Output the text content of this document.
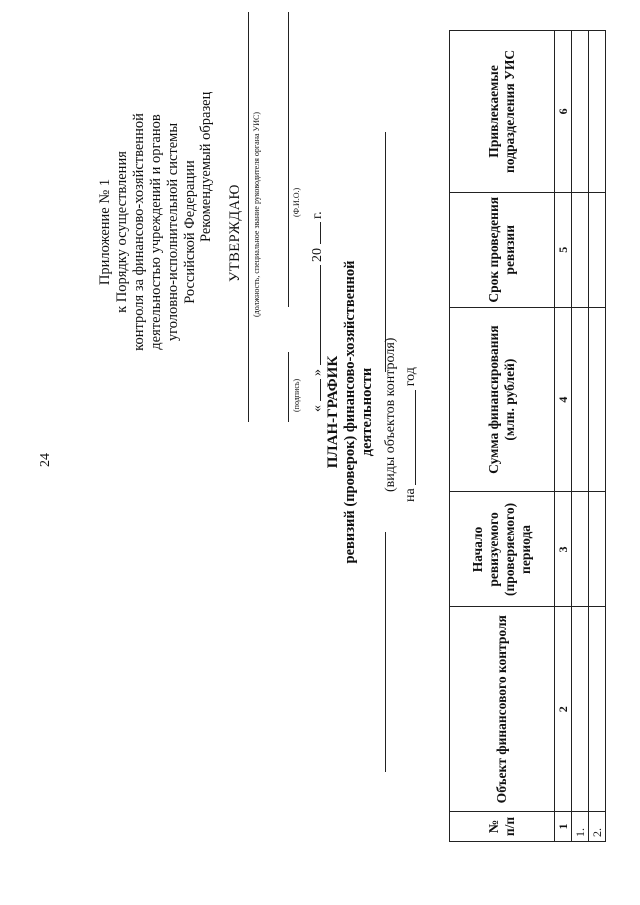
24
Приложение № 1 к Порядку осуществления контроля за финансово-хозяйственной деятельностью учреждений и органов уголовно-исполнительной системы Российской Федерации Рекомендуемый образец УТВЕРЖДАЮ (должность, специальное звание руководителя органа УИС)
(подпись)
(Ф.И.О.)
«  »  20  г.
ПЛАН-ГРАФИК ревизий (проверок) финансово-хозяйственной деятельности (виды объектов контроля)
на  год
№ п/п	Объект финансового контроля	Начало ревизуемого (проверяемого) периода	Сумма финансирования (млн. рублей)	Срок проведения ревизии	Привлекаемые подразделения УИС
1	2	3	4	5	6
1.					
2.					
